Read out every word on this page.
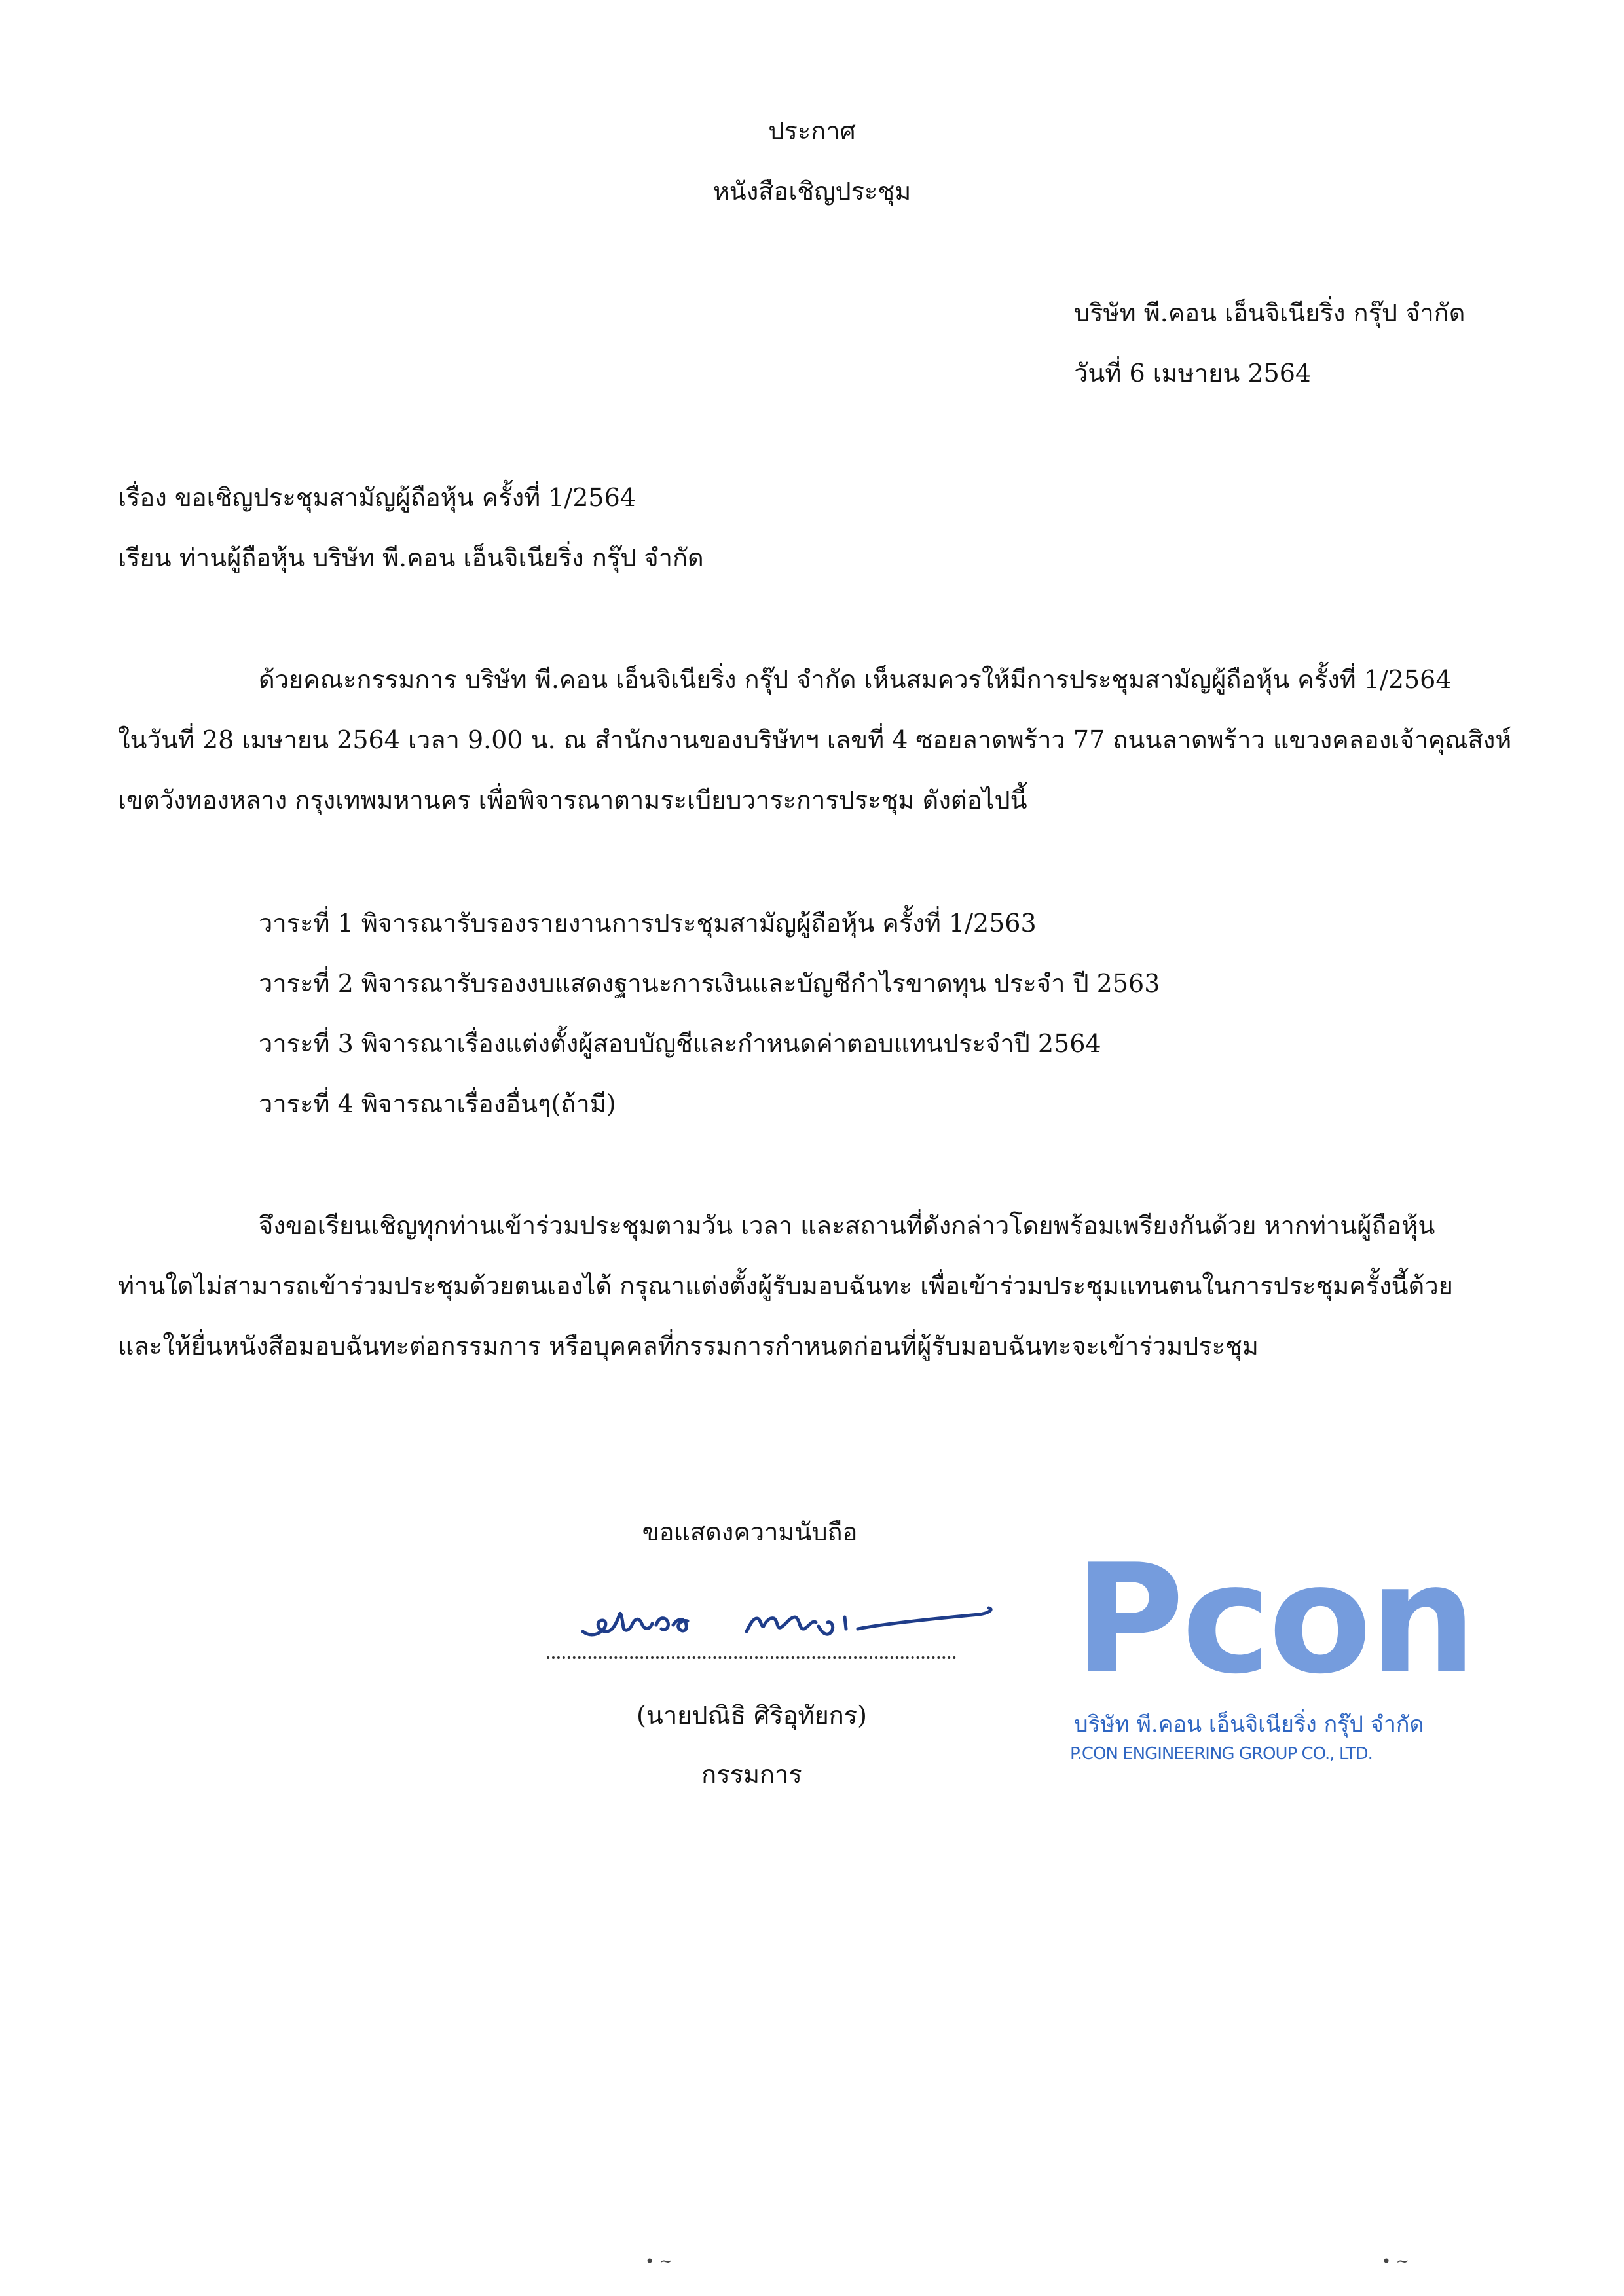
ประกาศ
หนังสือเชิญประชุม
บริษัท พี.คอน เอ็นจิเนียริ่ง กรุ๊ป จำกัด
วันที่ 6 เมษายน 2564
เรื่อง ขอเชิญประชุมสามัญผู้ถือหุ้น ครั้งที่ 1/2564
เรียน ท่านผู้ถือหุ้น บริษัท พี.คอน เอ็นจิเนียริ่ง กรุ๊ป จำกัด
ด้วยคณะกรรมการ บริษัท พี.คอน เอ็นจิเนียริ่ง กรุ๊ป จำกัด เห็นสมควรให้มีการประชุมสามัญผู้ถือหุ้น ครั้งที่ 1/2564
ในวันที่ 28 เมษายน 2564 เวลา 9.00 น. ณ สำนักงานของบริษัทฯ เลขที่ 4 ซอยลาดพร้าว 77 ถนนลาดพร้าว แขวงคลองเจ้าคุณสิงห์
เขตวังทองหลาง กรุงเทพมหานคร เพื่อพิจารณาตามระเบียบวาระการประชุม ดังต่อไปนี้
วาระที่ 1 พิจารณารับรองรายงานการประชุมสามัญผู้ถือหุ้น ครั้งที่ 1/2563
วาระที่ 2 พิจารณารับรองงบแสดงฐานะการเงินและบัญชีกำไรขาดทุน ประจำ ปี 2563
วาระที่ 3 พิจารณาเรื่องแต่งตั้งผู้สอบบัญชีและกำหนดค่าตอบแทนประจำปี 2564
วาระที่ 4 พิจารณาเรื่องอื่นๆ(ถ้ามี)
จึงขอเรียนเชิญทุกท่านเข้าร่วมประชุมตามวัน เวลา และสถานที่ดังกล่าวโดยพร้อมเพรียงกันด้วย หากท่านผู้ถือหุ้น
ท่านใดไม่สามารถเข้าร่วมประชุมด้วยตนเองได้ กรุณาแต่งตั้งผู้รับมอบฉันทะ เพื่อเข้าร่วมประชุมแทนตนในการประชุมครั้งนี้ด้วย
และให้ยื่นหนังสือมอบฉันทะต่อกรรมการ หรือบุคคลที่กรรมการกำหนดก่อนที่ผู้รับมอบฉันทะจะเข้าร่วมประชุม
ขอแสดงความนับถือ
(นายปณิธิ ศิริอุทัยกร)
กรรมการ
Pcon
บริษัท พี.คอน เอ็นจิเนียริ่ง กรุ๊ป จำกัด
P.CON ENGINEERING GROUP CO., LTD.
• ~	• ~
